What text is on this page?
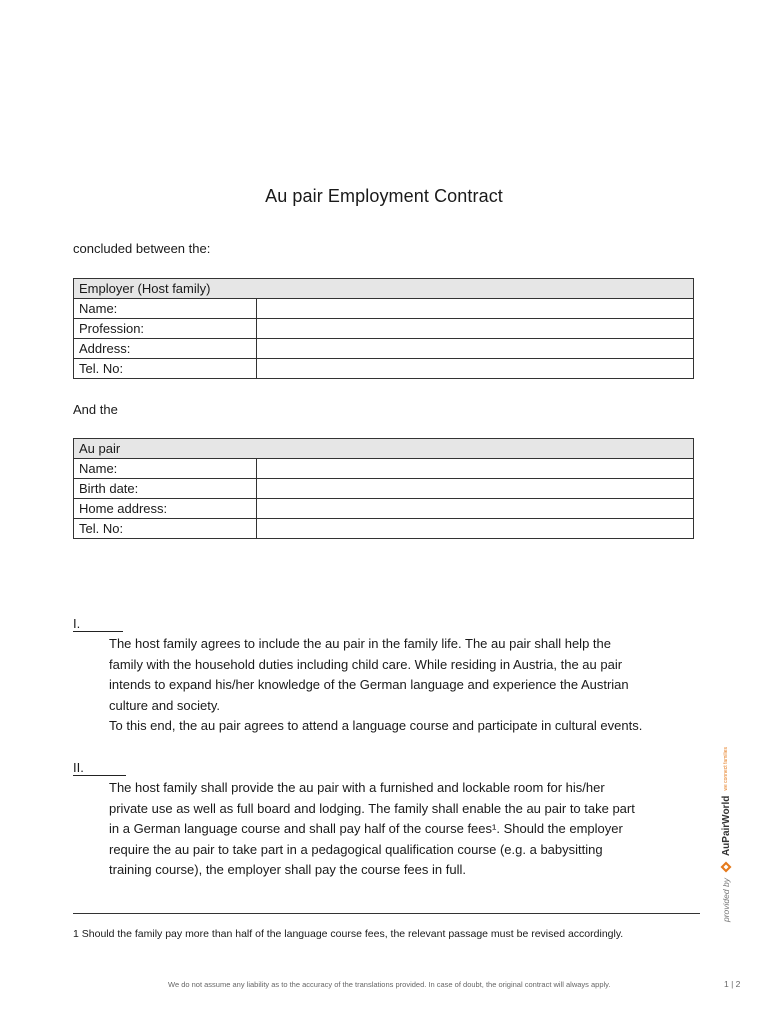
Au pair Employment Contract
concluded between the:
Employer (Host family)	
Name:	
Profession:	
Address:	
Tel. No:	
And the
Au pair	
Name:	
Birth date:	
Home address:	
Tel. No:	
I.
The host family agrees to include the au pair in the family life. The au pair shall help the
family with the household duties including child care. While residing in Austria, the au pair
intends to expand his/her knowledge of the German language and experience the Austrian
culture and society.
To this end, the au pair agrees to attend a language course and participate in cultural events.
II.
The host family shall provide the au pair with a furnished and lockable room for his/her
private use as well as full board and lodging. The family shall enable the au pair to take part
in a German language course and shall pay half of the course fees¹. Should the employer
require the au pair to take part in a pedagogical qualification course (e.g. a babysitting
training course), the employer shall pay the course fees in full.
1 Should the family pay more than half of the language course fees, the relevant passage must be revised accordingly.
We do not assume any liability as to the accuracy of the translations provided. In case of doubt, the original contract will always apply.	1 | 2
provided by
AuPairWorld
we connect families
